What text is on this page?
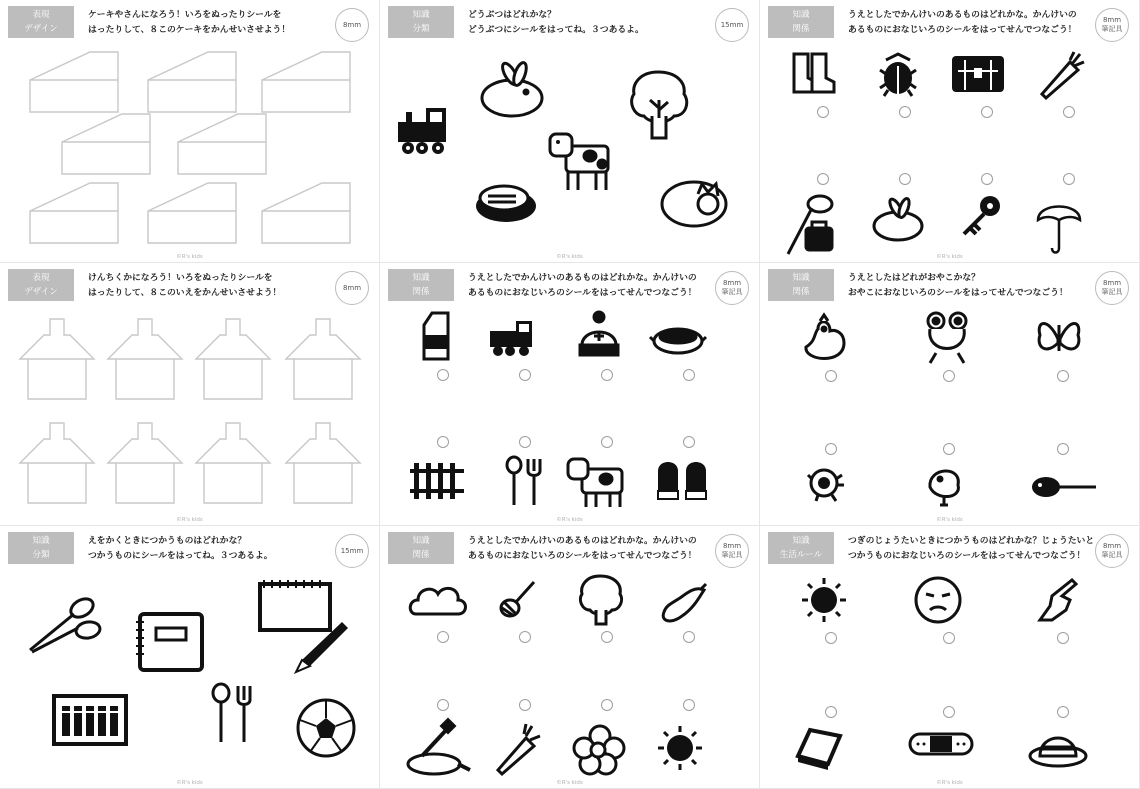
表現
デザイン
ケーキやさんになろう！いろをぬったりシールを
はったりして、８このケーキをかんせいさせよう！
8mm
©R's kids
知識
分類
どうぶつはどれかな？
どうぶつにシールをはってね。３つあるよ。
15mm
©R's kids
知識
関係
うえとしたでかんけいのあるものはどれかな。かんけいの
あるものにおなじいろのシールをはってせんでつなごう！
8mm
筆記具
©R's kids
表現
デザイン
けんちくかになろう！いろをぬったりシールを
はったりして、８このいえをかんせいさせよう！
8mm
©R's kids
知識
関係
うえとしたでかんけいのあるものはどれかな。かんけいの
あるものにおなじいろのシールをはってせんでつなごう！
8mm
筆記具
©R's kids
知識
関係
うえとしたはどれがおやこかな？
おやこにおなじいろのシールをはってせんでつなごう！
8mm
筆記具
©R's kids
知識
分類
えをかくときにつかうものはどれかな？
つかうものにシールをはってね。３つあるよ。
15mm
©R's kids
知識
関係
うえとしたでかんけいのあるものはどれかな。かんけいの
あるものにおなじいろのシールをはってせんでつなごう！
8mm
筆記具
©R's kids
知識
生活ルール
つぎのじょうたいときにつかうものはどれかな？じょうたいと
つかうものにおなじいろのシールをはってせんでつなごう！
8mm
筆記具
©R's kids
